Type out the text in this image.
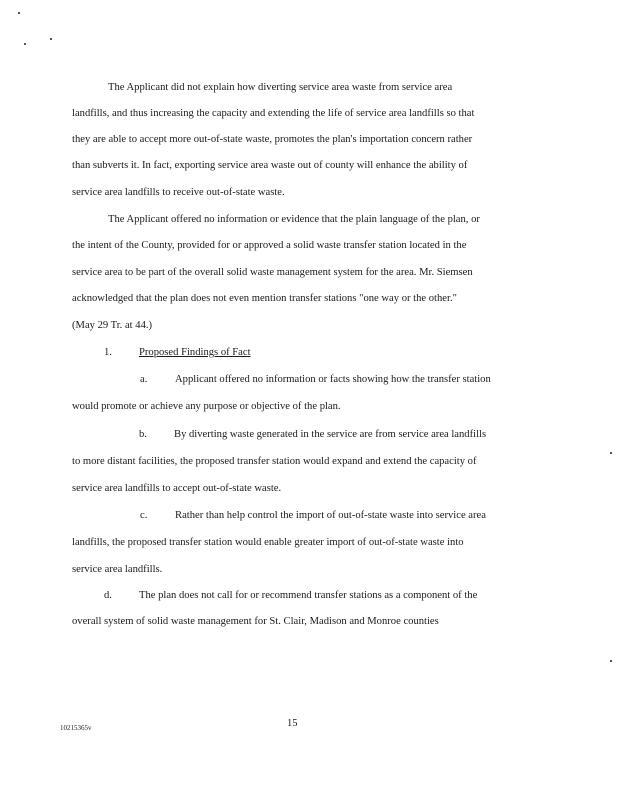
The Applicant did not explain how diverting service area waste from service area
landfills, and thus increasing the capacity and extending the life of service area landfills so that
they are able to accept more out-of-state waste, promotes the plan's importation concern rather
than subverts it. In fact, exporting service area waste out of county will enhance the ability of
service area landfills to receive out-of-state waste.
The Applicant offered no information or evidence that the plain language of the plan, or
the intent of the County, provided for or approved a solid waste transfer station located in the
service area to be part of the overall solid waste management system for the area. Mr. Siemsen
acknowledged that the plan does not even mention transfer stations "one way or the other."
(May 29 Tr. at 44.)
1.	Proposed Findings of Fact
a.	Applicant offered no information or facts showing how the transfer station
would promote or achieve any purpose or objective of the plan.
b.	By diverting waste generated in the service are from service area landfills
to more distant facilities, the proposed transfer station would expand and extend the capacity of
service area landfills to accept out-of-state waste.
c.	Rather than help control the import of out-of-state waste into service area
landfills, the proposed transfer station would enable greater import of out-of-state waste into
service area landfills.
d.	The plan does not call for or recommend transfer stations as a component of the
overall system of solid waste management for St. Clair, Madison and Monroe counties
10215365v	15
